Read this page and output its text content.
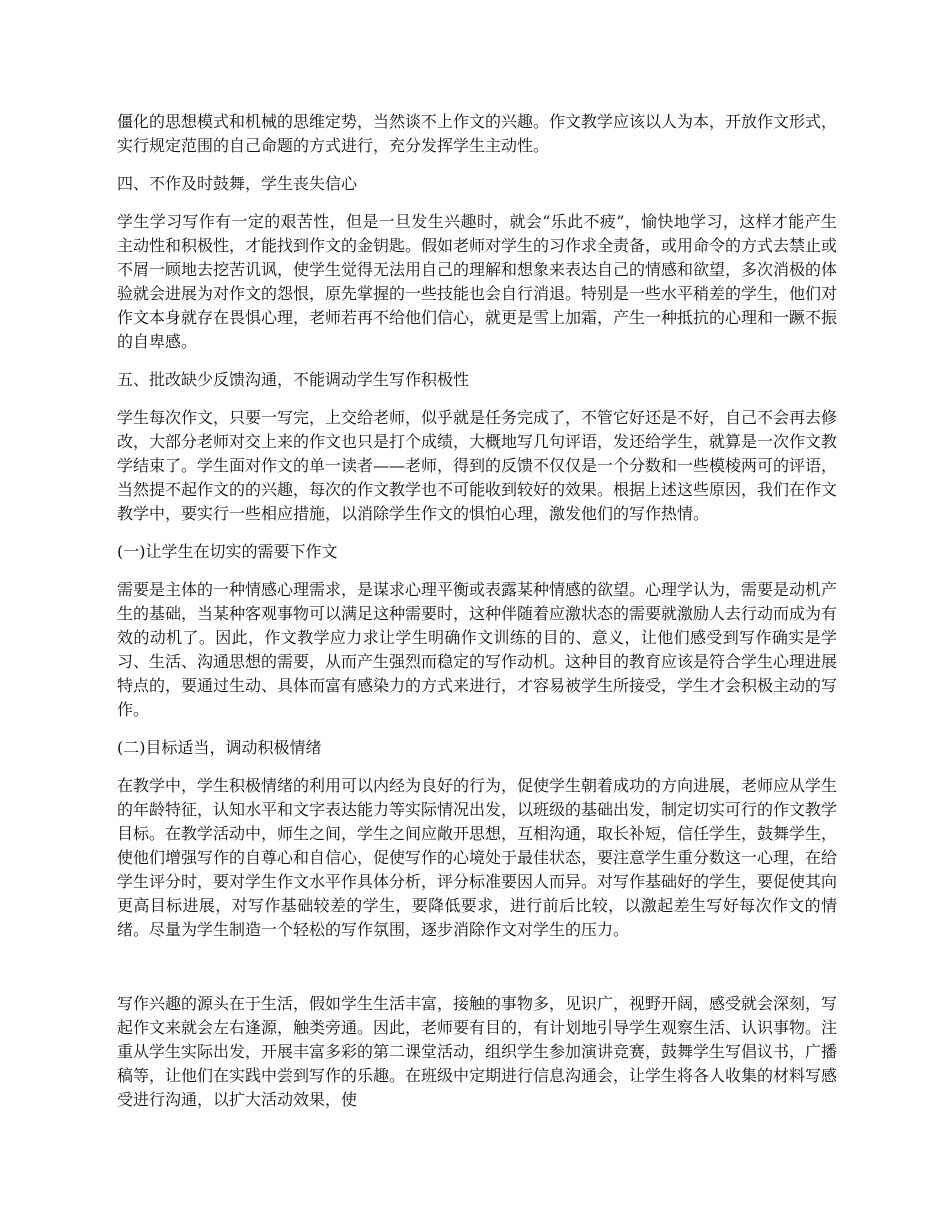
僵化的思想模式和机械的思维定势，当然谈不上作文的兴趣。作文教学应该以人为本，开放作文形式，实行规定范围的自己命题的方式进行，充分发挥学生主动性。

四、不作及时鼓舞，学生丧失信心

学生学习写作有一定的艰苦性，但是一旦发生兴趣时，就会“乐此不疲”，愉快地学习，这样才能产生主动性和积极性，才能找到作文的金钥匙。假如老师对学生的习作求全责备，或用命令的方式去禁止或不屑一顾地去挖苦讥讽，使学生觉得无法用自己的理解和想象来表达自己的情感和欲望，多次消极的体验就会进展为对作文的怨恨，原先掌握的一些技能也会自行消退。特别是一些水平稍差的学生，他们对作文本身就存在畏惧心理，老师若再不给他们信心，就更是雪上加霜，产生一种抵抗的心理和一蹶不振的自卑感。

五、批改缺少反馈沟通，不能调动学生写作积极性

学生每次作文，只要一写完，上交给老师，似乎就是任务完成了，不管它好还是不好，自己不会再去修改，大部分老师对交上来的作文也只是打个成绩，大概地写几句评语，发还给学生，就算是一次作文教学结束了。学生面对作文的单一读者——老师，得到的反馈不仅仅是一个分数和一些模棱两可的评语，当然提不起作文的的兴趣，每次的作文教学也不可能收到较好的效果。根据上述这些原因，我们在作文教学中，要实行一些相应措施，以消除学生作文的惧怕心理，激发他们的写作热情。

(一)让学生在切实的需要下作文

需要是主体的一种情感心理需求，是谋求心理平衡或表露某种情感的欲望。心理学认为，需要是动机产生的基础，当某种客观事物可以满足这种需要时，这种伴随着应激状态的需要就激励人去行动而成为有效的动机了。因此，作文教学应力求让学生明确作文训练的目的、意义，让他们感受到写作确实是学习、生活、沟通思想的需要，从而产生强烈而稳定的写作动机。这种目的教育应该是符合学生心理进展特点的，要通过生动、具体而富有感染力的方式来进行，才容易被学生所接受，学生才会积极主动的写作。

(二)目标适当，调动积极情绪

在教学中，学生积极情绪的利用可以内经为良好的行为，促使学生朝着成功的方向进展，老师应从学生的年龄特征，认知水平和文字表达能力等实际情况出发，以班级的基础出发，制定切实可行的作文教学目标。在教学活动中，师生之间，学生之间应敞开思想，互相沟通，取长补短，信任学生，鼓舞学生，使他们增强写作的自尊心和自信心，促使写作的心境处于最佳状态，要注意学生重分数这一心理，在给学生评分时，要对学生作文水平作具体分析，评分标准要因人而异。对写作基础好的学生，要促使其向更高目标进展，对写作基础较差的学生，要降低要求，进行前后比较，以激起差生写好每次作文的情绪。尽量为学生制造一个轻松的写作氛围，逐步消除作文对学生的压力。

写作兴趣的源头在于生活，假如学生生活丰富，接触的事物多，见识广，视野开阔，感受就会深刻，写起作文来就会左右逢源，触类旁通。因此，老师要有目的，有计划地引导学生观察生活、认识事物。注重从学生实际出发，开展丰富多彩的第二课堂活动，组织学生参加演讲竞赛，鼓舞学生写倡议书，广播稿等，让他们在实践中尝到写作的乐趣。在班级中定期进行信息沟通会，让学生将各人收集的材料写感受进行沟通，以扩大活动效果，使
